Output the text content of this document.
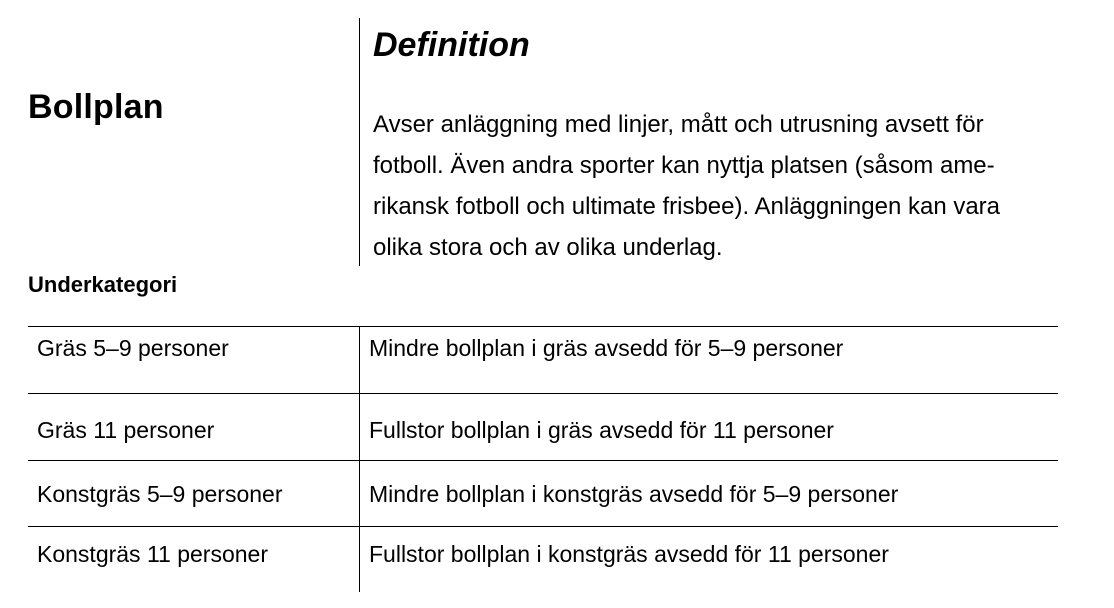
Bollplan
Definition

Avser anläggning med linjer, mått och utrusning avsett för
fotboll. Även andra sporter kan nyttja platsen (såsom ame-
rikansk fotboll och ultimate frisbee). Anläggningen kan vara
olika stora och av olika underlag.

Underkategori
Gräs 5–9 personer	Mindre bollplan i gräs avsedd för 5–9 personer
Gräs 11 personer	Fullstor bollplan i gräs avsedd för 11 personer
Konstgräs 5–9 personer	Mindre bollplan i konstgräs avsedd för 5–9 personer
Konstgräs 11 personer	Fullstor bollplan i konstgräs avsedd för 11 personer
